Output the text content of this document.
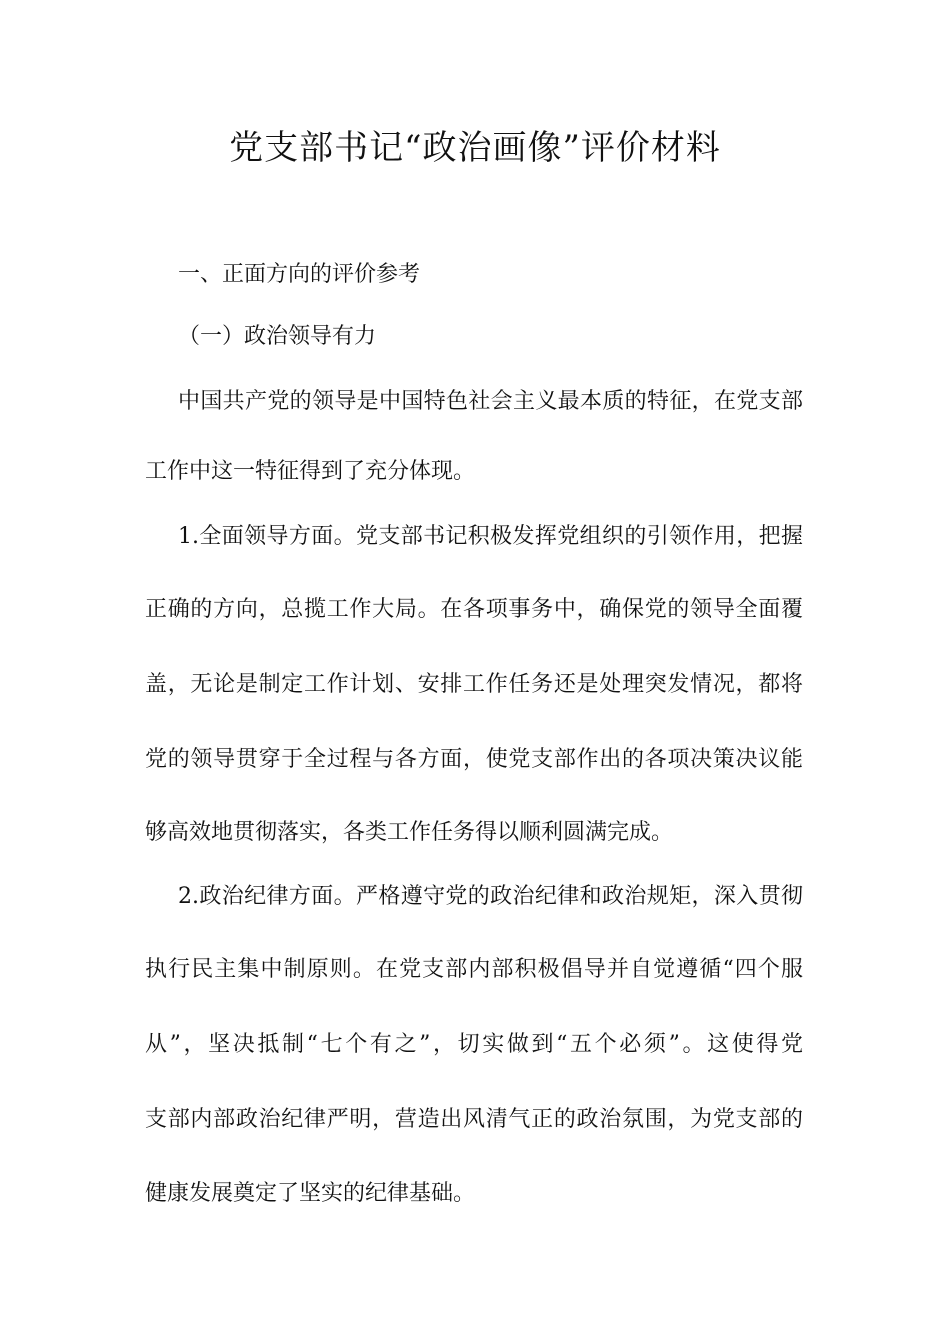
党支部书记“政治画像”评价材料
一、正面方向的评价参考
（一）政治领导有力
中国共产党的领导是中国特色社会主义最本质的特征，在党支部
工作中这一特征得到了充分体现。
1.全面领导方面。党支部书记积极发挥党组织的引领作用，把握
正确的方向，总揽工作大局。在各项事务中，确保党的领导全面覆
盖，无论是制定工作计划、安排工作任务还是处理突发情况，都将
党的领导贯穿于全过程与各方面，使党支部作出的各项决策决议能
够高效地贯彻落实，各类工作任务得以顺利圆满完成。
2.政治纪律方面。严格遵守党的政治纪律和政治规矩，深入贯彻
执行民主集中制原则。在党支部内部积极倡导并自觉遵循“四个服
从”，坚决抵制“七个有之”，切实做到“五个必须”。这使得党
支部内部政治纪律严明，营造出风清气正的政治氛围，为党支部的
健康发展奠定了坚实的纪律基础。
